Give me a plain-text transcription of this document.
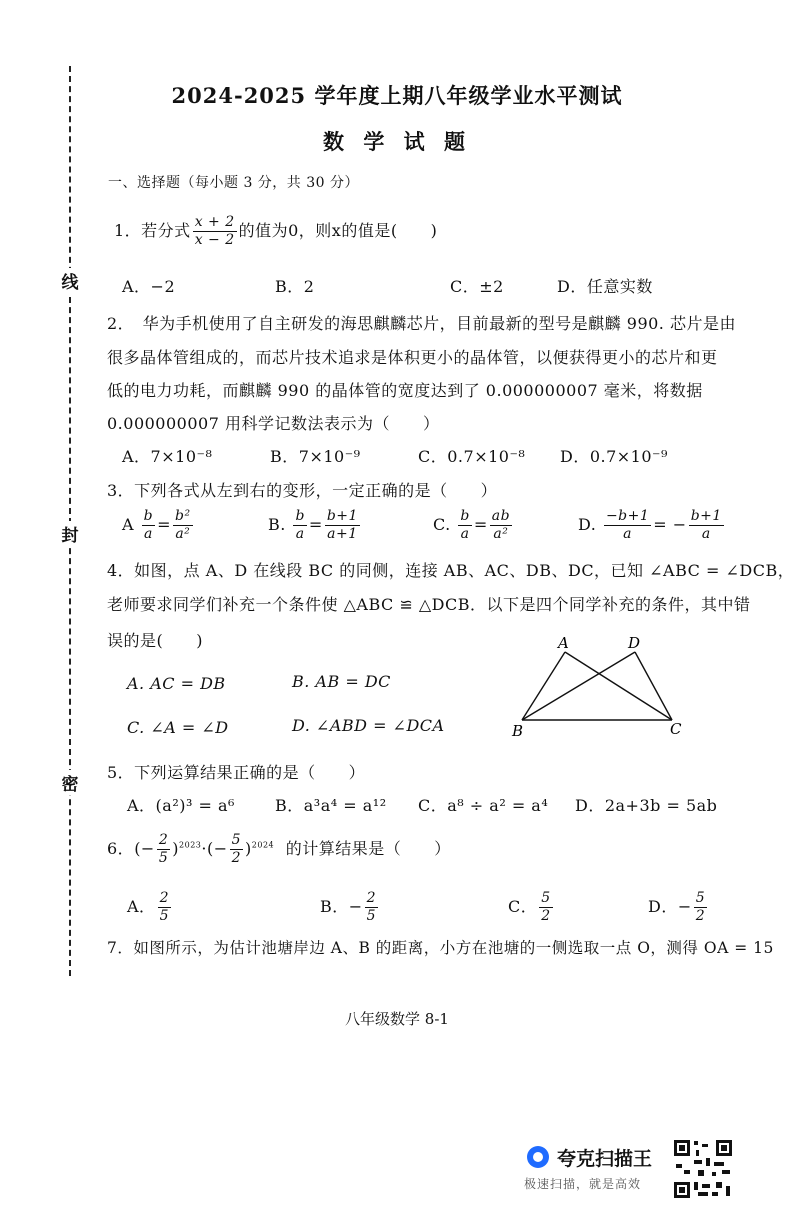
线
封
密
2024-2025 学年度上期八年级学业水平测试
数 学 试 题
一、选择题（每小题 3 分，共 30 分）
1．若分式 $\frac{x + 2}{x - 2}$ 的值为0，则x的值是(　　)
A．−2	B．2	C．±2	D．任意实数
2．　华为手机使用了自主研发的海思麒麟芯片，目前最新的型号是麒麟 990. 芯片是由
很多晶体管组成的，而芯片技术追求是体积更小的晶体管，以便获得更小的芯片和更
低的电力功耗，而麒麟 990 的晶体管的宽度达到了 0.000000007 毫米，将数据
0.000000007 用科学记数法表示为（　　）
A．7×10⁻⁸	B．7×10⁻⁹	C．0.7×10⁻⁸ D．0.7×10⁻⁹
3．下列各式从左到右的变形，一定正确的是（　　）
A $\frac{b}{a} = \frac{\text{b²}}{\text{a²}}$	B. $\frac{b}{a} = \frac{b+1}{a+1}$	C. $\frac{b}{a} = \frac{ab}{\text{a²}}$	D. $\frac{-b+1}{a}$ = − $\frac{b+1}{a}$
4．如图，点 A、D 在线段 BC 的同侧，连接 AB、AC、DB、DC，已知 ∠ABC = ∠DCB，
老师要求同学们补充一个条件使 △ABC ≌ △DCB．以下是四个同学补充的条件，其中错
误的是(　　)
A. AC = DB	B. AB = DC
C. ∠A = ∠D	D. ∠ABD = ∠DCA
A	D
B	C
5．下列运算结果正确的是（　　）
A．(a²)³ = a⁶	B．a³a⁴ = a¹² C．a⁸ ÷ a² = a⁴ D．2a+3b = 5ab
6．(− $\frac{2}{5} )^{2023}\cdot(- \frac{5}{2} )^{2024}$ 的计算结果是（　　）
A． $\frac{2}{5}$	B．− $\frac{2}{5}$	C． $\frac{5}{2}$	D．− $\frac{5}{2}$
7．如图所示，为估计池塘岸边 A、B 的距离，小方在池塘的一侧选取一点 O，测得 OA = 15
八年级数学 8-1
夸克扫描王
极速扫描，就是高效
